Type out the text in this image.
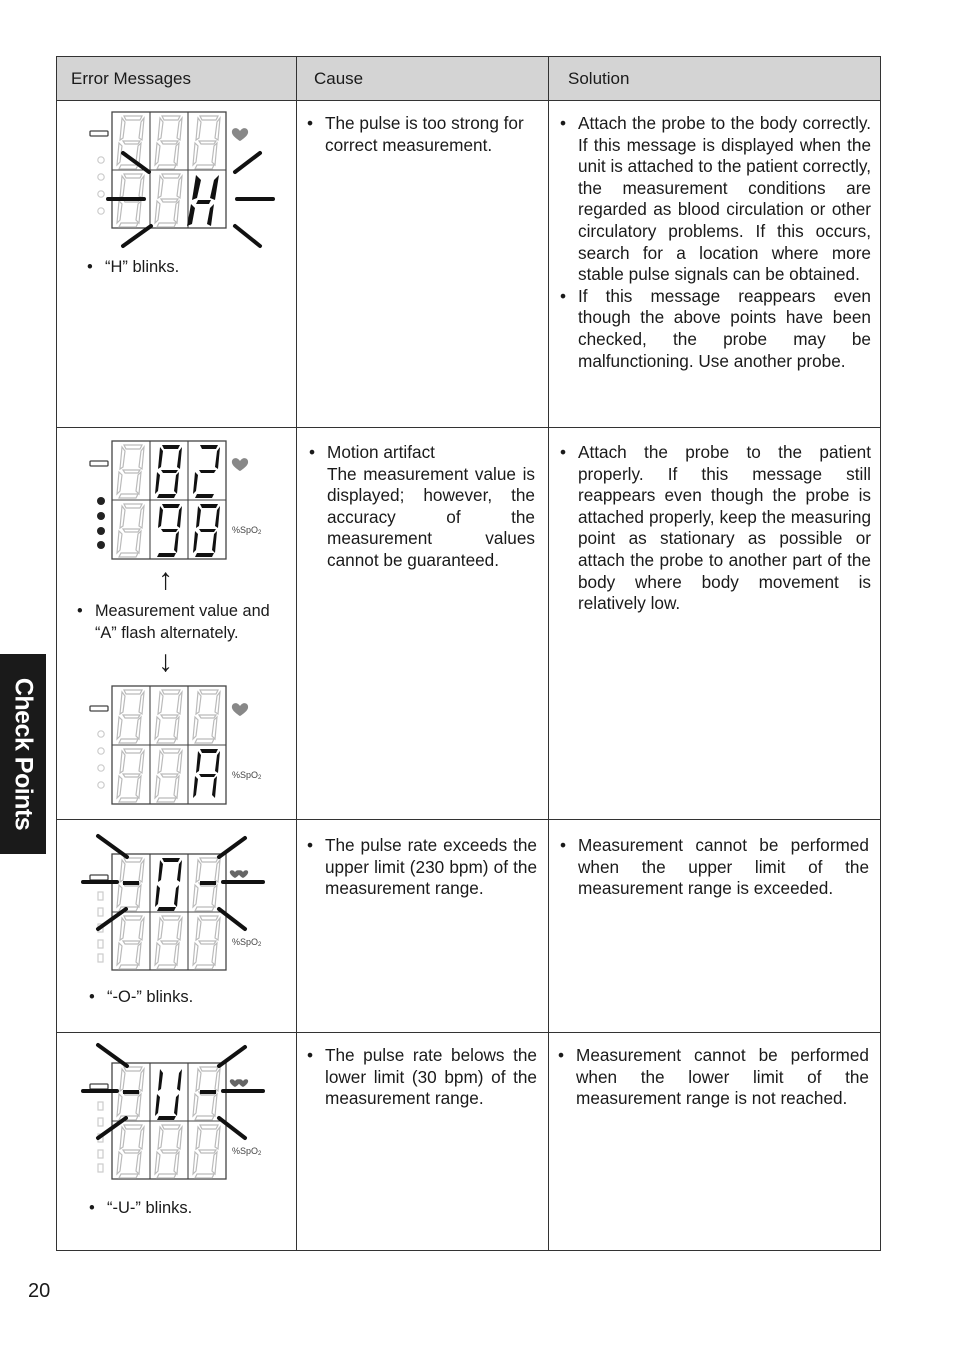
Error Messages	Cause	Solution
• “H” blinks.
• The pulse is too strong for correct measurement.
• Attach the probe to the body correctly. If this message is displayed when the unit is attached to the patient correctly, the measurement conditions are regarded as blood circulation or other circulatory problems. If this occurs, search for a location where more stable pulse signals can be obtained.
• If this message reappears even though the above points have been checked, the probe may be malfunctioning. Use another probe.
%SpO2
↑
• Measurement value and
“A” flash alternately.
↓
%SpO2
• Motion artifact

The measurement value is displayed; however, the accuracy of the measurement values cannot be guaranteed.
• Attach the probe to the patient properly. If this message still reappears even though the probe is attached properly, keep the measuring point as stationary as possible or attach the probe to another part of the body where body movement is relatively low.
%SpO2
• “-O-” blinks.
• The pulse rate exceeds the upper limit (230 bpm) of the measurement range.
• Measurement cannot be performed when the upper limit of the measurement range is exceeded.
%SpO2
• “-U-” blinks.
• The pulse rate belows the lower limit (30 bpm) of the measurement range.
• Measurement cannot be performed when the lower limit of the measurement range is not reached.
Check Points
20
